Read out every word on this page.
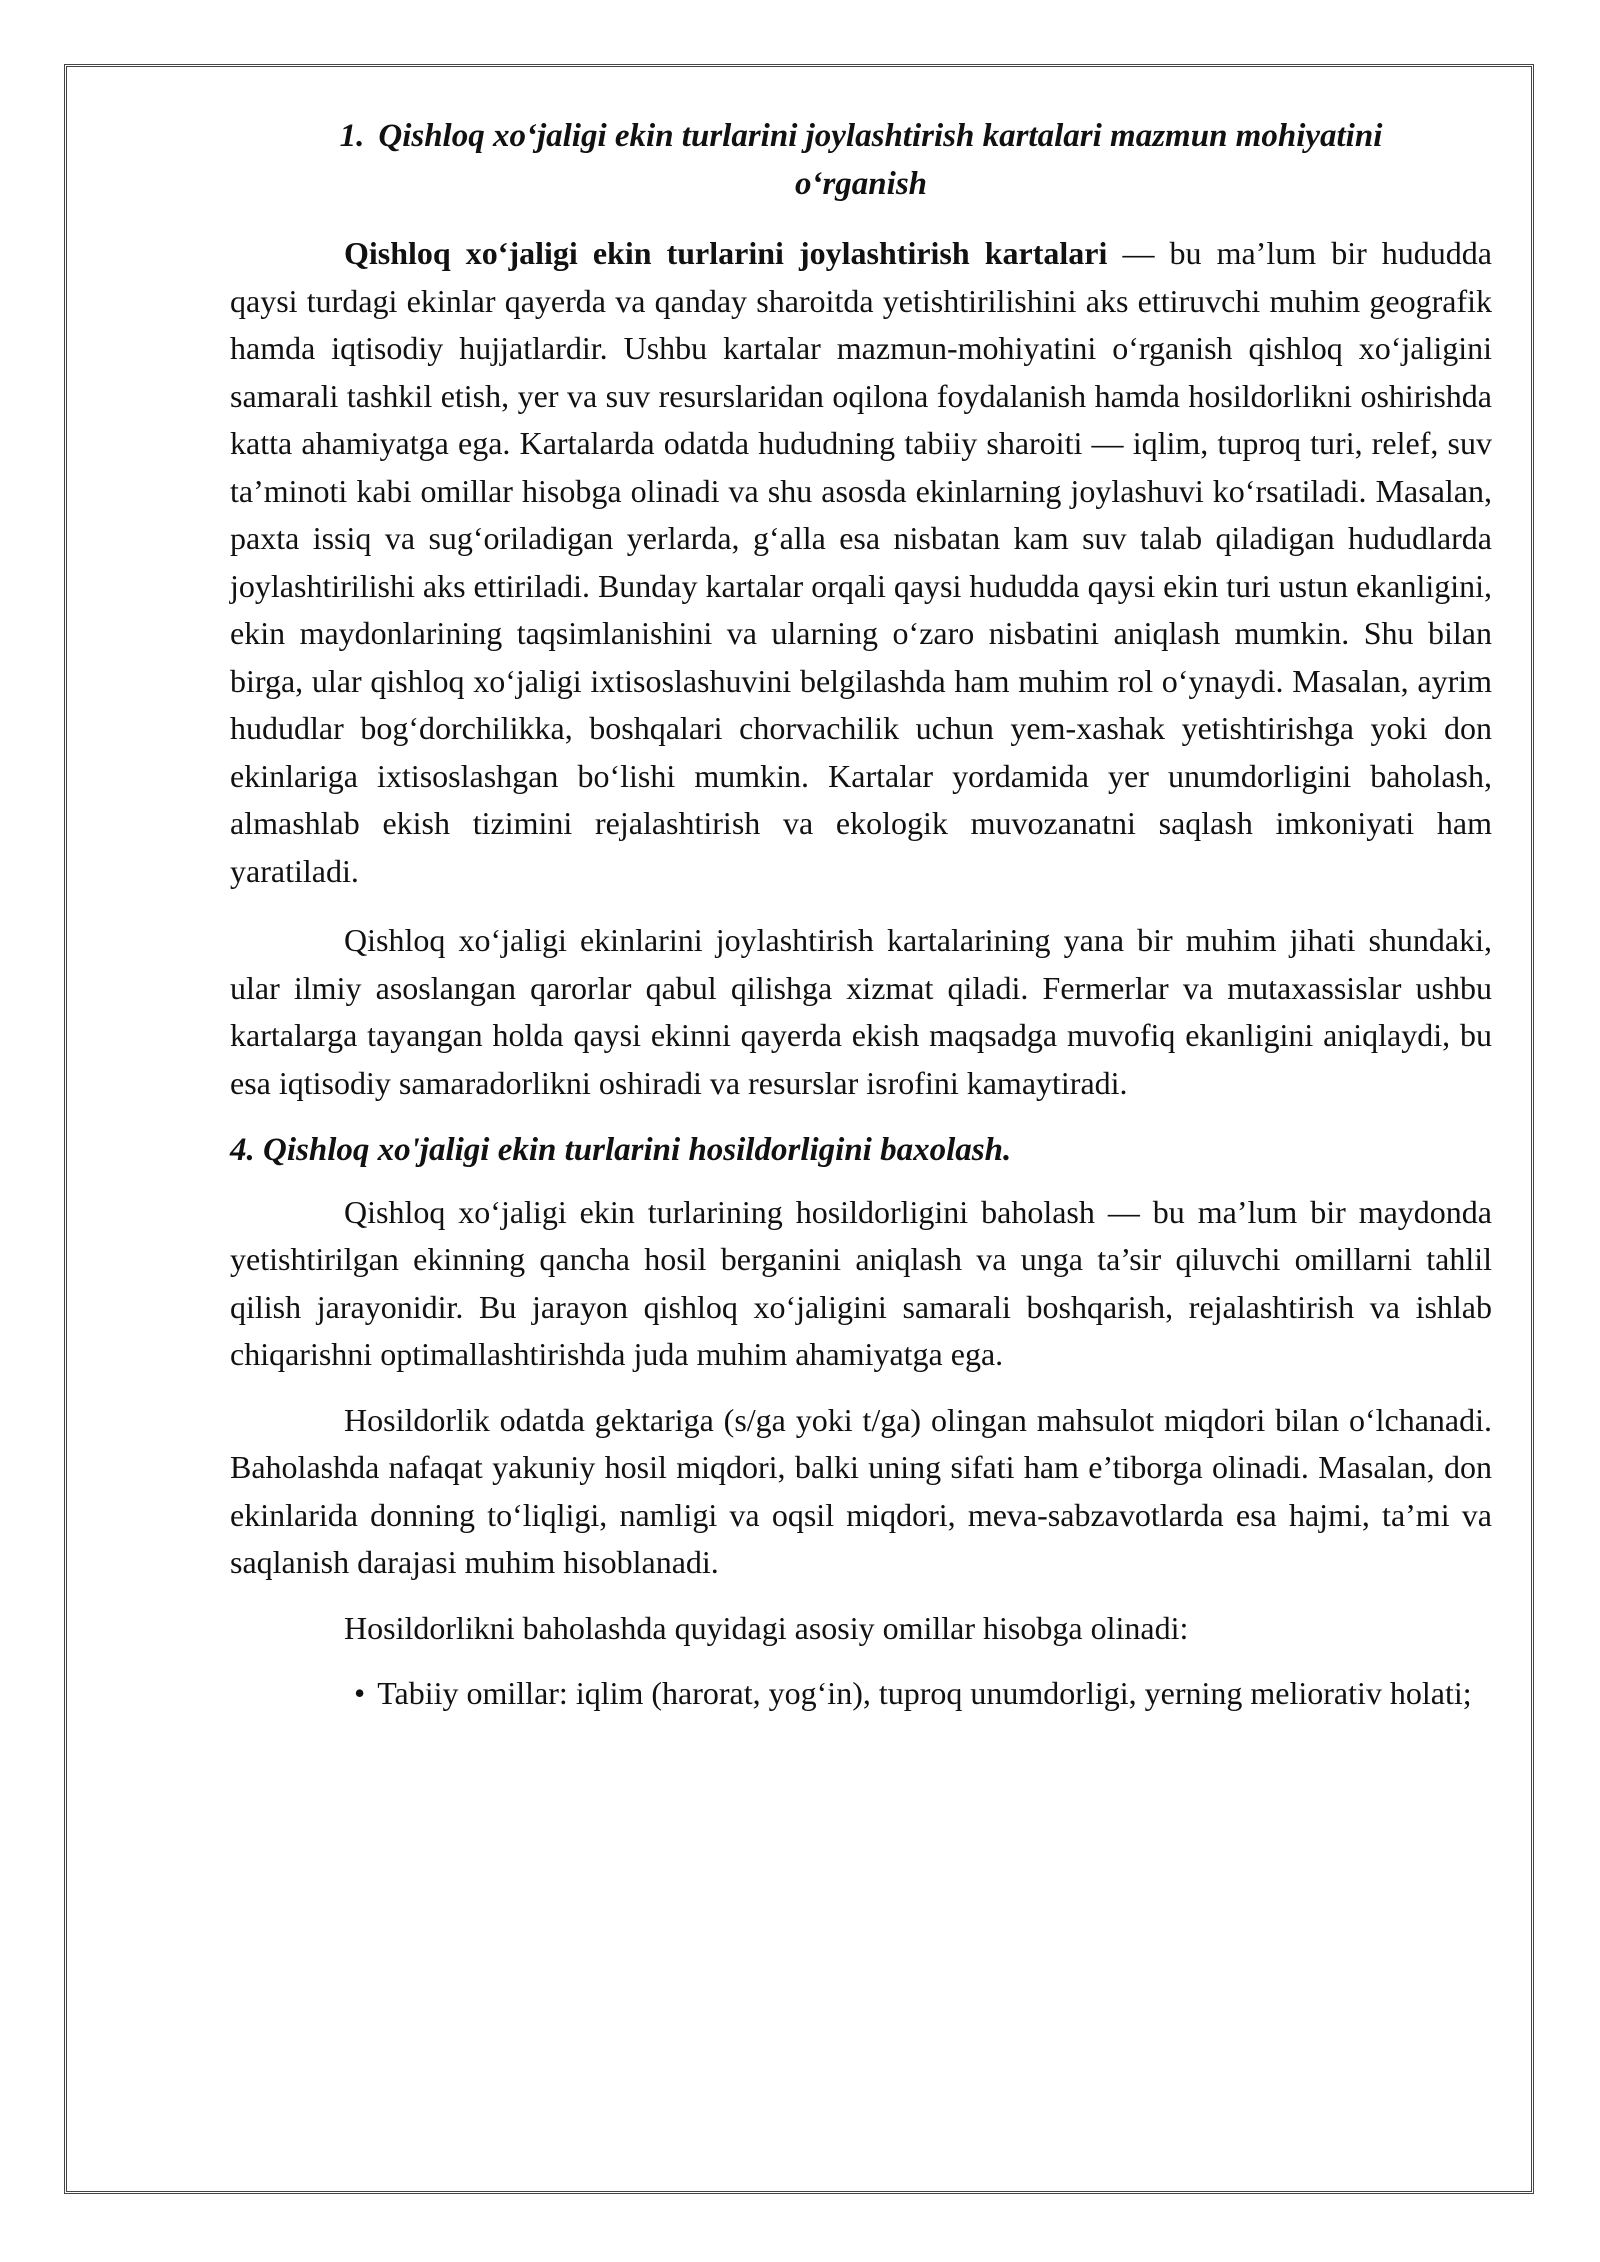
1. Qishloq xo‘jaligi ekin turlarini joylashtirish kartalari mazmun mohiyatini
o‘rganish

Qishloq xo‘jaligi ekin turlarini joylashtirish kartalari — bu ma’lum bir hududda qaysi turdagi ekinlar qayerda va qanday sharoitda yetishtirilishini aks ettiruvchi muhim geografik hamda iqtisodiy hujjatlardir. Ushbu kartalar mazmun-mohiyatini o‘rganish qishloq xo‘jaligini samarali tashkil etish, yer va suv resurslaridan oqilona foydalanish hamda hosildorlikni oshirishda katta ahamiyatga ega. Kartalarda odatda hududning tabiiy sharoiti — iqlim, tuproq turi, relef, suv ta’minoti kabi omillar hisobga olinadi va shu asosda ekinlarning joylashuvi ko‘rsatiladi. Masalan, paxta issiq va sug‘oriladigan yerlarda, g‘alla esa nisbatan kam suv talab qiladigan hududlarda joylashtirilishi aks ettiriladi. Bunday kartalar orqali qaysi hududda qaysi ekin turi ustun ekanligini, ekin maydonlarining taqsimlanishini va ularning o‘zaro nisbatini aniqlash mumkin. Shu bilan birga, ular qishloq xo‘jaligi ixtisoslashuvini belgilashda ham muhim rol o‘ynaydi. Masalan, ayrim hududlar bog‘dorchilikka, boshqalari chorvachilik uchun yem-xashak yetishtirishga yoki don ekinlariga ixtisoslashgan bo‘lishi mumkin. Kartalar yordamida yer unumdorligini baholash, almashlab ekish tizimini rejalashtirish va ekologik muvozanatni saqlash imkoniyati ham yaratiladi.

Qishloq xo‘jaligi ekinlarini joylashtirish kartalarining yana bir muhim jihati shundaki, ular ilmiy asoslangan qarorlar qabul qilishga xizmat qiladi. Fermerlar va mutaxassislar ushbu kartalarga tayangan holda qaysi ekinni qayerda ekish maqsadga muvofiq ekanligini aniqlaydi, bu esa iqtisodiy samaradorlikni oshiradi va resurslar isrofini kamaytiradi.

4. Qishloq xo'jaligi ekin turlarini hosildorligini baxolash.

Qishloq xo‘jaligi ekin turlarining hosildorligini baholash — bu ma’lum bir maydonda yetishtirilgan ekinning qancha hosil berganini aniqlash va unga ta’sir qiluvchi omillarni tahlil qilish jarayonidir. Bu jarayon qishloq xo‘jaligini samarali boshqarish, rejalashtirish va ishlab chiqarishni optimallashtirishda juda muhim ahamiyatga ega.

Hosildorlik odatda gektariga (s/ga yoki t/ga) olingan mahsulot miqdori bilan o‘lchanadi. Baholashda nafaqat yakuniy hosil miqdori, balki uning sifati ham e’tiborga olinadi. Masalan, don ekinlarida donning to‘liqligi, namligi va oqsil miqdori, meva-sabzavotlarda esa hajmi, ta’mi va saqlanish darajasi muhim hisoblanadi.

Hosildorlikni baholashda quyidagi asosiy omillar hisobga olinadi:

• Tabiiy omillar: iqlim (harorat, yog‘in), tuproq unumdorligi, yerning meliorativ holati;
